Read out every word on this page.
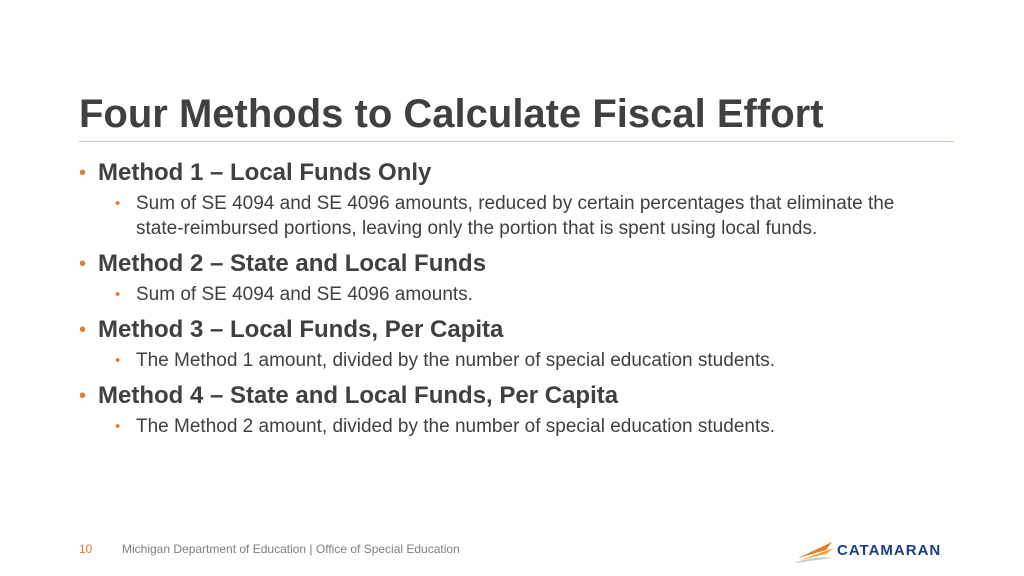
Four Methods to Calculate Fiscal Effort
• Method 1 – Local Funds Only
• Sum of SE 4094 and SE 4096 amounts, reduced by certain percentages that eliminate the state-reimbursed portions, leaving only the portion that is spent using local funds.
• Method 2 – State and Local Funds
• Sum of SE 4094 and SE 4096 amounts.
• Method 3 – Local Funds, Per Capita
• The Method 1 amount, divided by the number of special education students.
• Method 4 – State and Local Funds, Per Capita
• The Method 2 amount, divided by the number of special education students.
10 Michigan Department of Education | Office of Special Education	CATAMARAN
